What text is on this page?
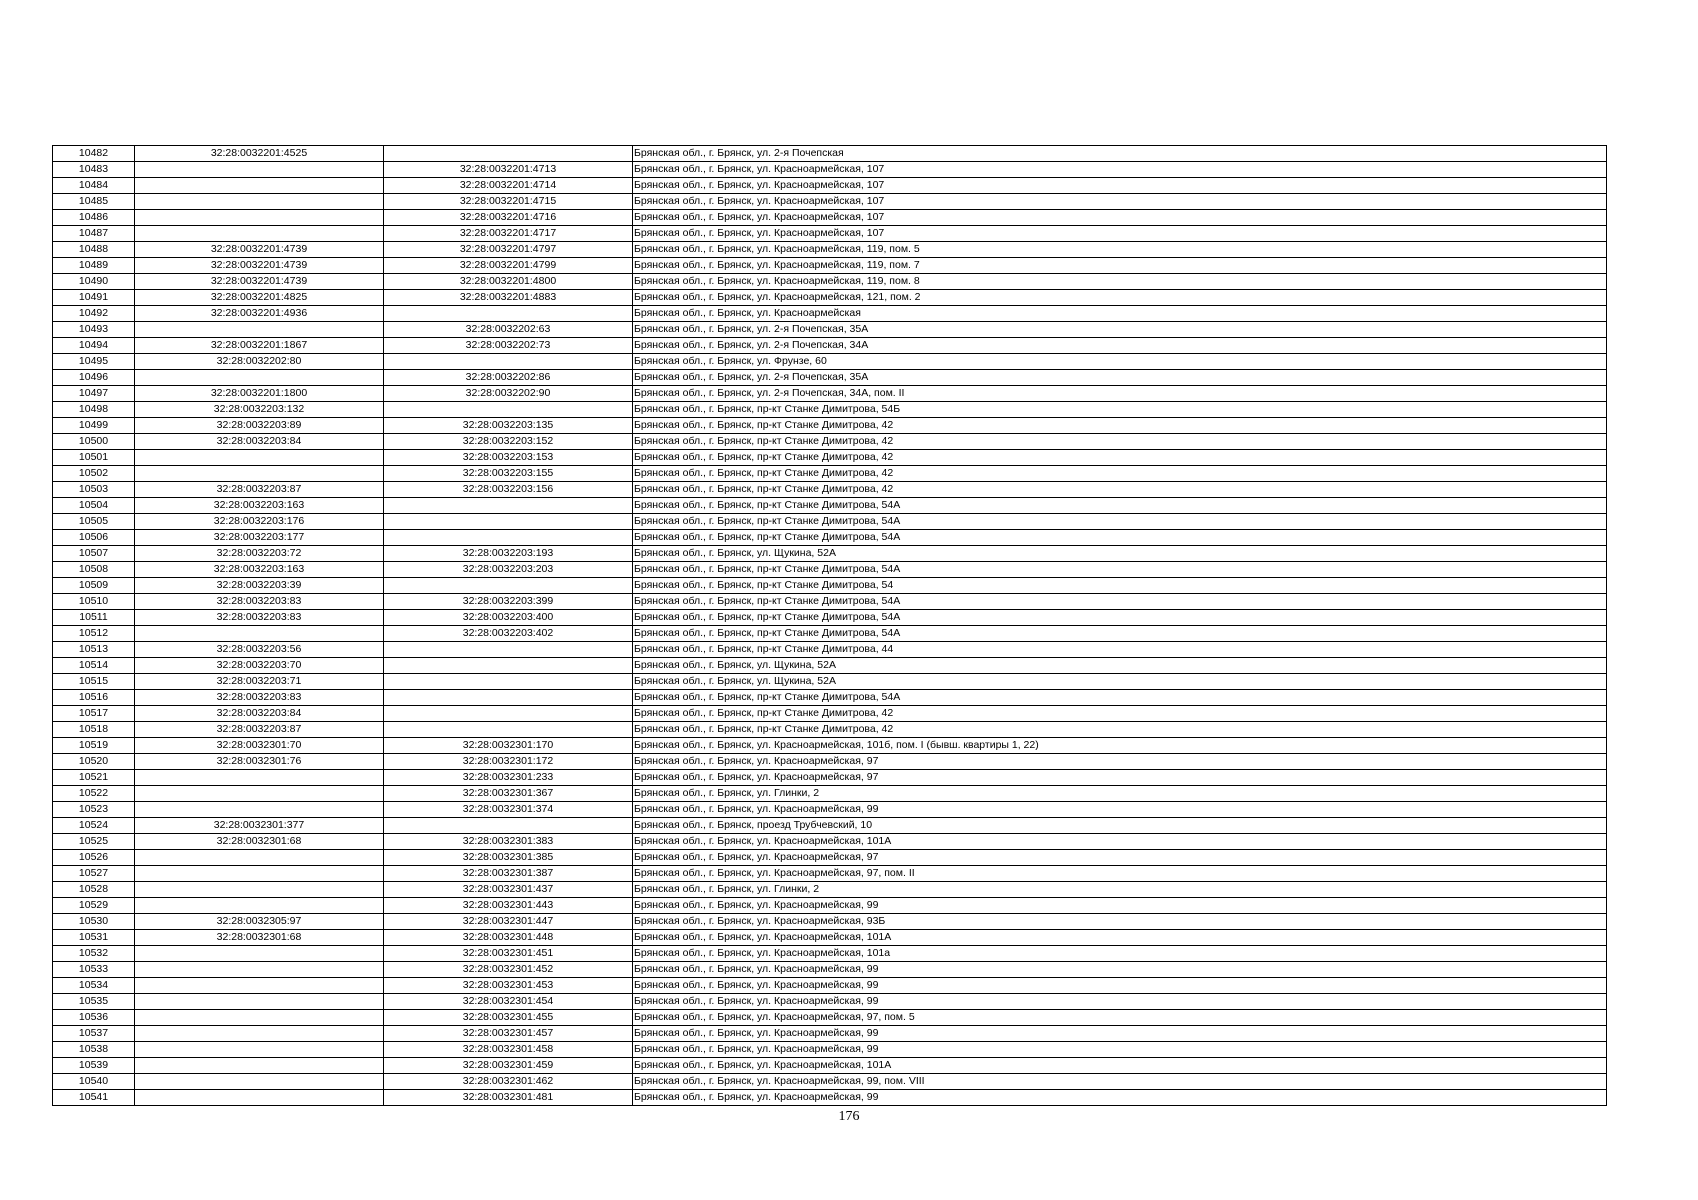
10482	32:28:0032201:4525		Брянская обл., г. Брянск, ул. 2-я Почепская
10483		32:28:0032201:4713	Брянская обл., г. Брянск, ул. Красноармейская, 107
10484		32:28:0032201:4714	Брянская обл., г. Брянск, ул. Красноармейская, 107
10485		32:28:0032201:4715	Брянская обл., г. Брянск, ул. Красноармейская, 107
10486		32:28:0032201:4716	Брянская обл., г. Брянск, ул. Красноармейская, 107
10487		32:28:0032201:4717	Брянская обл., г. Брянск, ул. Красноармейская, 107
10488	32:28:0032201:4739	32:28:0032201:4797	Брянская обл., г. Брянск, ул. Красноармейская, 119, пом. 5
10489	32:28:0032201:4739	32:28:0032201:4799	Брянская обл., г. Брянск, ул. Красноармейская, 119, пом. 7
10490	32:28:0032201:4739	32:28:0032201:4800	Брянская обл., г. Брянск, ул. Красноармейская, 119, пом. 8
10491	32:28:0032201:4825	32:28:0032201:4883	Брянская обл., г. Брянск, ул. Красноармейская, 121, пом. 2
10492	32:28:0032201:4936		Брянская обл., г. Брянск, ул. Красноармейская
10493		32:28:0032202:63	Брянская обл., г. Брянск, ул. 2-я Почепская, 35А
10494	32:28:0032201:1867	32:28:0032202:73	Брянская обл., г. Брянск, ул. 2-я Почепская, 34А
10495	32:28:0032202:80		Брянская обл., г. Брянск, ул. Фрунзе, 60
10496		32:28:0032202:86	Брянская обл., г. Брянск, ул. 2-я Почепская, 35А
10497	32:28:0032201:1800	32:28:0032202:90	Брянская обл., г. Брянск, ул. 2-я Почепская, 34А, пом. II
10498	32:28:0032203:132		Брянская обл., г. Брянск, пр-кт Станке Димитрова, 54Б
10499	32:28:0032203:89	32:28:0032203:135	Брянская обл., г. Брянск, пр-кт Станке Димитрова, 42
10500	32:28:0032203:84	32:28:0032203:152	Брянская обл., г. Брянск, пр-кт Станке Димитрова, 42
10501		32:28:0032203:153	Брянская обл., г. Брянск, пр-кт Станке Димитрова, 42
10502		32:28:0032203:155	Брянская обл., г. Брянск, пр-кт Станке Димитрова, 42
10503	32:28:0032203:87	32:28:0032203:156	Брянская обл., г. Брянск, пр-кт Станке Димитрова, 42
10504	32:28:0032203:163		Брянская обл., г. Брянск, пр-кт Станке Димитрова, 54А
10505	32:28:0032203:176		Брянская обл., г. Брянск, пр-кт Станке Димитрова, 54А
10506	32:28:0032203:177		Брянская обл., г. Брянск, пр-кт Станке Димитрова, 54А
10507	32:28:0032203:72	32:28:0032203:193	Брянская обл., г. Брянск, ул. Щукина, 52А
10508	32:28:0032203:163	32:28:0032203:203	Брянская обл., г. Брянск, пр-кт Станке Димитрова, 54А
10509	32:28:0032203:39		Брянская обл., г. Брянск, пр-кт Станке Димитрова, 54
10510	32:28:0032203:83	32:28:0032203:399	Брянская обл., г. Брянск, пр-кт Станке Димитрова, 54А
10511	32:28:0032203:83	32:28:0032203:400	Брянская обл., г. Брянск, пр-кт Станке Димитрова, 54А
10512		32:28:0032203:402	Брянская обл., г. Брянск, пр-кт Станке Димитрова, 54А
10513	32:28:0032203:56		Брянская обл., г. Брянск, пр-кт Станке Димитрова, 44
10514	32:28:0032203:70		Брянская обл., г. Брянск, ул. Щукина, 52А
10515	32:28:0032203:71		Брянская обл., г. Брянск, ул. Щукина, 52А
10516	32:28:0032203:83		Брянская обл., г. Брянск, пр-кт Станке Димитрова, 54А
10517	32:28:0032203:84		Брянская обл., г. Брянск, пр-кт Станке Димитрова, 42
10518	32:28:0032203:87		Брянская обл., г. Брянск, пр-кт Станке Димитрова, 42
10519	32:28:0032301:70	32:28:0032301:170	Брянская обл., г. Брянск, ул. Красноармейская, 101б, пом. I (бывш. квартиры 1, 22)
10520	32:28:0032301:76	32:28:0032301:172	Брянская обл., г. Брянск, ул. Красноармейская, 97
10521		32:28:0032301:233	Брянская обл., г. Брянск, ул. Красноармейская, 97
10522		32:28:0032301:367	Брянская обл., г. Брянск, ул. Глинки, 2
10523		32:28:0032301:374	Брянская обл., г. Брянск, ул. Красноармейская, 99
10524	32:28:0032301:377		Брянская обл., г. Брянск, проезд Трубчевский, 10
10525	32:28:0032301:68	32:28:0032301:383	Брянская обл., г. Брянск, ул. Красноармейская, 101А
10526		32:28:0032301:385	Брянская обл., г. Брянск, ул. Красноармейская, 97
10527		32:28:0032301:387	Брянская обл., г. Брянск, ул. Красноармейская, 97, пом. II
10528		32:28:0032301:437	Брянская обл., г. Брянск, ул. Глинки, 2
10529		32:28:0032301:443	Брянская обл., г. Брянск, ул. Красноармейская, 99
10530	32:28:0032305:97	32:28:0032301:447	Брянская обл., г. Брянск, ул. Красноармейская, 93Б
10531	32:28:0032301:68	32:28:0032301:448	Брянская обл., г. Брянск, ул. Красноармейская, 101А
10532		32:28:0032301:451	Брянская обл., г. Брянск, ул. Красноармейская, 101а
10533		32:28:0032301:452	Брянская обл., г. Брянск, ул. Красноармейская, 99
10534		32:28:0032301:453	Брянская обл., г. Брянск, ул. Красноармейская, 99
10535		32:28:0032301:454	Брянская обл., г. Брянск, ул. Красноармейская, 99
10536		32:28:0032301:455	Брянская обл., г. Брянск, ул. Красноармейская, 97, пом. 5
10537		32:28:0032301:457	Брянская обл., г. Брянск, ул. Красноармейская, 99
10538		32:28:0032301:458	Брянская обл., г. Брянск, ул. Красноармейская, 99
10539		32:28:0032301:459	Брянская обл., г. Брянск, ул. Красноармейская, 101А
10540		32:28:0032301:462	Брянская обл., г. Брянск, ул. Красноармейская, 99, пом. VIII
10541		32:28:0032301:481	Брянская обл., г. Брянск, ул. Красноармейская, 99
176
